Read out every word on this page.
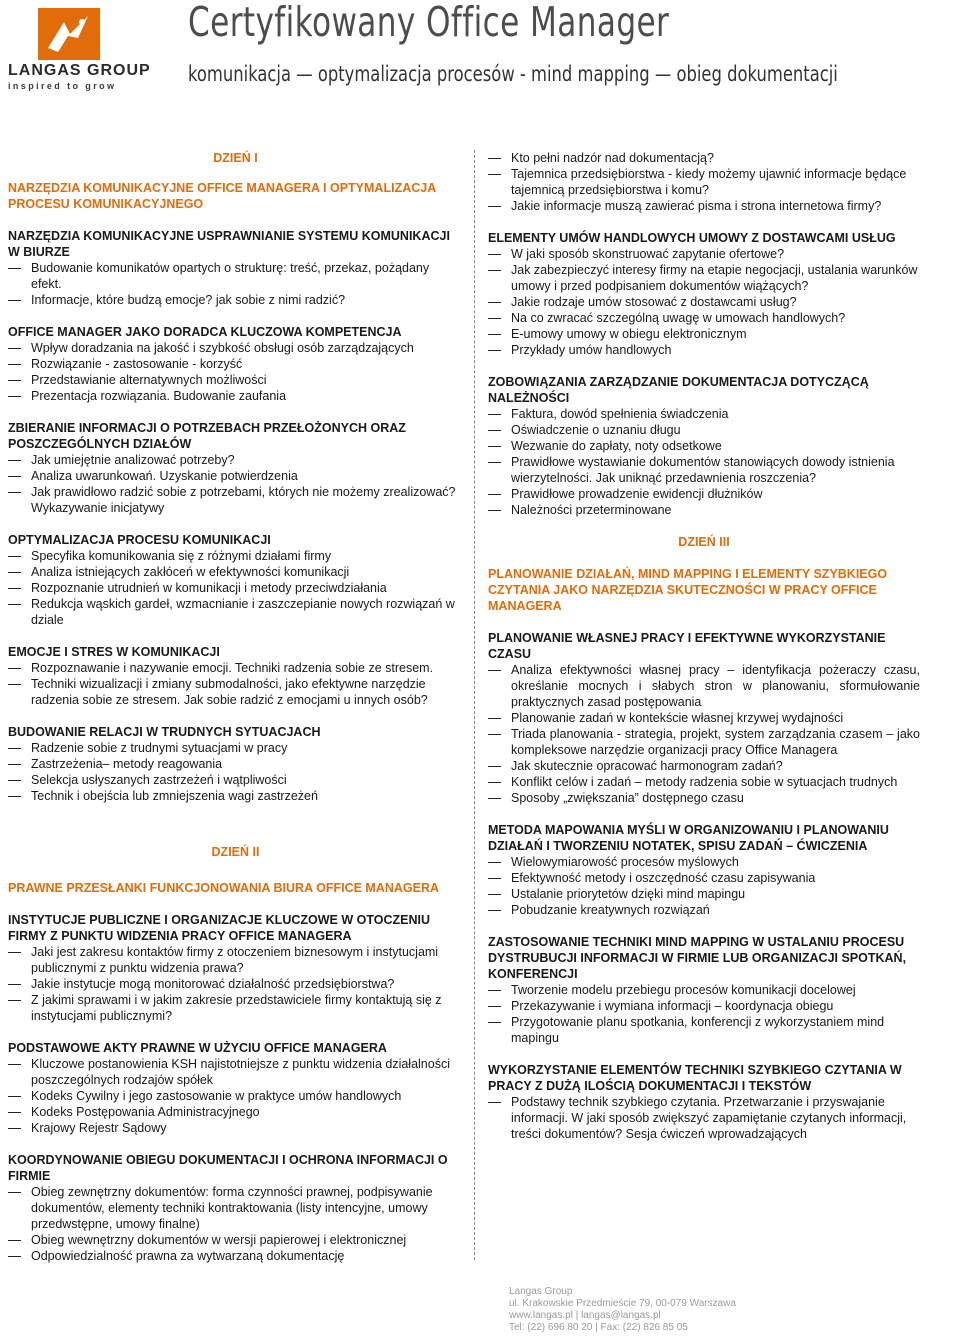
LANGAS GROUP
inspired to grow
Certyfikowany Office Manager
komunikacja — optymalizacja procesów - mind mapping — obieg dokumentacji
DZIEŃ I
NARZĘDZIA KOMUNIKACYJNE OFFICE MANAGERA I OPTYMALIZACJA PROCESU KOMUNIKACYJNEGO
NARZĘDZIA KOMUNIKACYJNE USPRAWNIANIE SYSTEMU KOMUNIKACJI W BIURZE
Budowanie komunikatów opartych o strukturę: treść, przekaz, pożądany efekt.
Informacje, które budzą emocje? jak sobie z nimi radzić?
OFFICE MANAGER JAKO DORADCA KLUCZOWA KOMPETENCJA
Wpływ doradzania na jakość i szybkość obsługi osób zarządzających
Rozwiązanie - zastosowanie - korzyść
Przedstawianie alternatywnych możliwości
Prezentacja rozwiązania. Budowanie zaufania
ZBIERANIE INFORMACJI O POTRZEBACH PRZEŁOŻONYCH ORAZ POSZCZEGÓLNYCH DZIAŁÓW
Jak umiejętnie analizować potrzeby?
Analiza uwarunkowań. Uzyskanie potwierdzenia
Jak prawidłowo radzić sobie z potrzebami, których nie możemy zrealizować? Wykazywanie inicjatywy
OPTYMALIZACJA PROCESU KOMUNIKACJI
Specyfika komunikowania się z różnymi działami firmy
Analiza istniejących zakłóceń w efektywności komunikacji
Rozpoznanie utrudnień w komunikacji i metody przeciwdziałania
Redukcja wąskich gardeł, wzmacnianie i zaszczepianie nowych rozwiązań w dziale
EMOCJE I STRES W KOMUNIKACJI
Rozpoznawanie i nazywanie emocji. Techniki radzenia sobie ze stresem.
Techniki wizualizacji i zmiany submodalności, jako efektywne narzędzie radzenia sobie ze stresem. Jak sobie radzić z emocjami u innych osób?
BUDOWANIE RELACJI W TRUDNYCH SYTUACJACH
Radzenie sobie z trudnymi sytuacjami w pracy
Zastrzeżenia– metody reagowania
Selekcja usłyszanych zastrzeżeń i wątpliwości
Technik i obejścia lub zmniejszenia wagi zastrzeżeń
DZIEŃ II
PRAWNE PRZESŁANKI FUNKCJONOWANIA BIURA OFFICE MANAGERA
INSTYTUCJE PUBLICZNE I ORGANIZACJE KLUCZOWE W OTOCZENIU FIRMY Z PUNKTU WIDZENIA PRACY OFFICE MANAGERA
Jaki jest zakresu kontaktów firmy z otoczeniem biznesowym i instytucjami publicznymi z punktu widzenia prawa?
Jakie instytucje mogą monitorować działalność przedsiębiorstwa?
Z jakimi sprawami i w jakim zakresie przedstawiciele firmy kontaktują się z instytucjami publicznymi?
PODSTAWOWE AKTY PRAWNE W UŻYCIU OFFICE MANAGERA
Kluczowe postanowienia KSH najistotniejsze z punktu widzenia działalności poszczególnych rodzajów spółek
Kodeks Cywilny i jego zastosowanie w praktyce umów handlowych
Kodeks Postępowania Administracyjnego
Krajowy Rejestr Sądowy
KOORDYNOWANIE OBIEGU DOKUMENTACJI I OCHRONA INFORMACJI O FIRMIE
Obieg zewnętrzny dokumentów: forma czynności prawnej, podpisywanie dokumentów, elementy techniki kontraktowania (listy intencyjne, umowy przedwstępne, umowy finalne)
Obieg wewnętrzny dokumentów w wersji papierowej i elektronicznej
Odpowiedzialność prawna za wytwarzaną dokumentację
Kto pełni nadzór nad dokumentacją?
Tajemnica przedsiębiorstwa - kiedy możemy ujawnić informacje będące tajemnicą przedsiębiorstwa i komu?
Jakie informacje muszą zawierać pisma i strona internetowa firmy?
ELEMENTY UMÓW HANDLOWYCH UMOWY Z DOSTAWCAMI USŁUG
W jaki sposób skonstruować zapytanie ofertowe?
Jak zabezpieczyć interesy firmy na etapie negocjacji, ustalania warunków umowy i przed podpisaniem dokumentów wiążących?
Jakie rodzaje umów stosować z dostawcami usług?
Na co zwracać szczególną uwagę w umowach handlowych?
E-umowy umowy w obiegu elektronicznym
Przykłady umów handlowych
ZOBOWIĄZANIA ZARZĄDZANIE DOKUMENTACJA DOTYCZĄCĄ NALEŻNOŚCI
Faktura, dowód spełnienia świadczenia
Oświadczenie o uznaniu długu
Wezwanie do zapłaty, noty odsetkowe
Prawidłowe wystawianie dokumentów stanowiących dowody istnienia wierzytelności. Jak uniknąć przedawnienia roszczenia?
Prawidłowe prowadzenie ewidencji dłużników
Należności przeterminowane
DZIEŃ III
PLANOWANIE DZIAŁAŃ, MIND MAPPING I ELEMENTY SZYBKIEGO CZYTANIA JAKO NARZĘDZIA SKUTECZNOŚCI W PRACY OFFICE MANAGERA
PLANOWANIE WŁASNEJ PRACY I EFEKTYWNE WYKORZYSTANIE CZASU
Analiza efektywności własnej pracy – identyfikacja pożeraczy czasu, określanie mocnych i słabych stron w planowaniu, sformułowanie praktycznych zasad postępowania
Planowanie zadań w kontekście własnej krzywej wydajności
Triada planowania - strategia, projekt, system zarządzania czasem – jako kompleksowe narzędzie organizacji pracy Office Managera
Jak skutecznie opracować harmonogram zadań?
Konflikt celów i zadań – metody radzenia sobie w sytuacjach trudnych
Sposoby „zwiększania” dostępnego czasu
METODA MAPOWANIA MYŚLI W ORGANIZOWANIU I PLANOWANIU DZIAŁAŃ I TWORZENIU NOTATEK, SPISU ZADAŃ – ĆWICZENIA
Wielowymiarowość procesów myślowych
Efektywność metody i oszczędność czasu zapisywania
Ustalanie priorytetów dzięki mind mapingu
Pobudzanie kreatywnych rozwiązań
ZASTOSOWANIE TECHNIKI MIND MAPPING W USTALANIU PROCESU DYSTRUBUCJI INFORMACJI W FIRMIE LUB ORGANIZACJI SPOTKAŃ, KONFERENCJI
Tworzenie modelu przebiegu procesów komunikacji docelowej
Przekazywanie i wymiana informacji – koordynacja obiegu
Przygotowanie planu spotkania, konferencji z wykorzystaniem mind mapingu
WYKORZYSTANIE ELEMENTÓW TECHNIKI SZYBKIEGO CZYTANIA W PRACY Z DUŻĄ ILOŚCIĄ DOKUMENTACJI I TEKSTÓW
Podstawy technik szybkiego czytania. Przetwarzanie i przyswajanie informacji. W jaki sposób zwiększyć zapamiętanie czytanych informacji, treści dokumentów? Sesja ćwiczeń wprowadzających
Langas Group
ul. Krakowskie Przedmieście 79, 00-079 Warszawa
www.langas.pl | langas@langas.pl
Tel: (22) 696 80 20 | Fax: (22) 826 85 05
